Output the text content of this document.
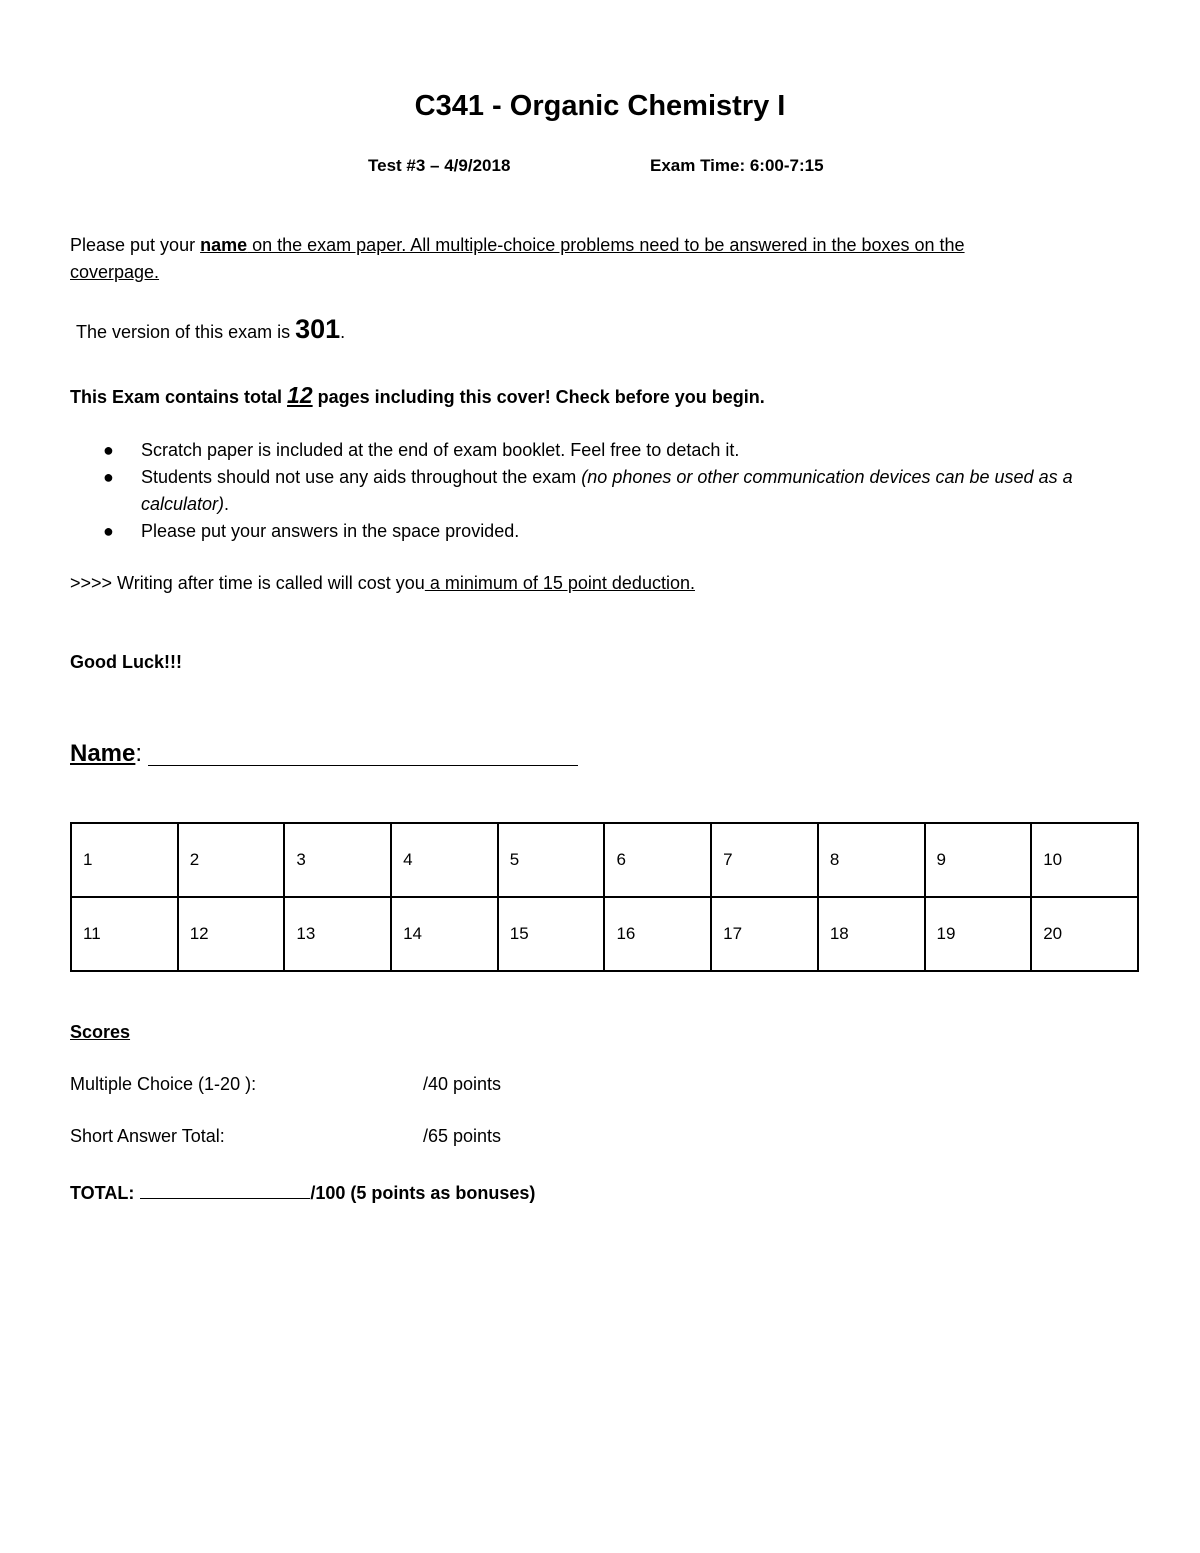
C341 - Organic Chemistry I
Test #3 – 4/9/2018	Exam Time: 6:00-7:15
Please put your name on the exam paper. All multiple-choice problems need to be answered in the boxes on the
coverpage.
The version of this exam is 301.
This Exam contains total 12 pages including this cover! Check before you begin.
● Scratch paper is included at the end of exam booklet. Feel free to detach it.
● Students should not use any aids throughout the exam (no phones or other communication devices can be used as a calculator).
● Please put your answers in the space provided.
>>>> Writing after time is called will cost you a minimum of 15 point deduction.
Good Luck!!!
Name:
1	2	3	4	5	6	7	8	9	10
11	12	13	14	15	16	17	18	19	20
Scores
Multiple Choice (1-20 ):	/40 points
Short Answer Total:	/65 points
TOTAL:	/100 (5 points as bonuses)
